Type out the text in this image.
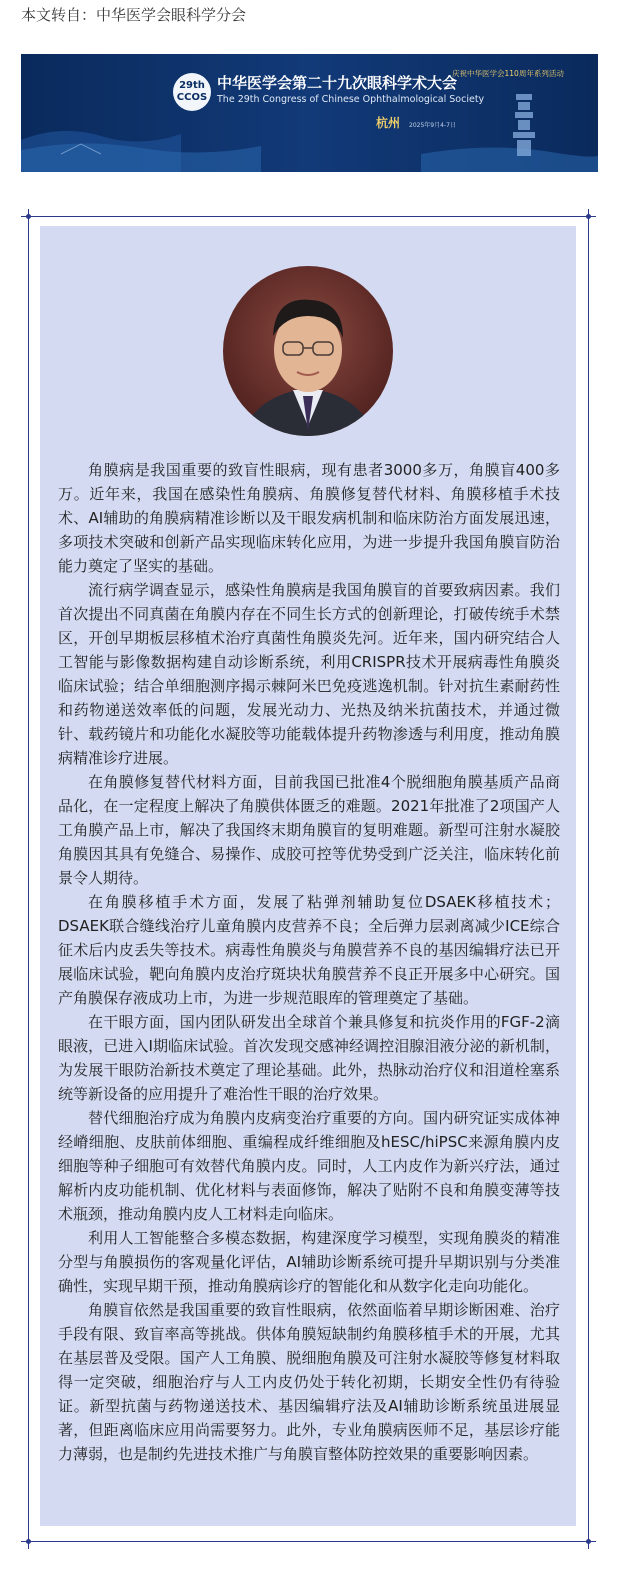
本文转自：中华医学会眼科学分会
29th
CCOS
中华医学会第二十九次眼科学术大会
The 29th Congress of Chinese Ophthalmological Society
庆祝中华医学会110周年系列活动
杭州 2025年9月4-7日

角膜病是我国重要的致盲性眼病，现有患者3000多万，角膜盲400多万。近年来，我国在感染性角膜病、角膜修复替代材料、角膜移植手术技术、AI辅助的角膜病精准诊断以及干眼发病机制和临床防治方面发展迅速，多项技术突破和创新产品实现临床转化应用，为进一步提升我国角膜盲防治能力奠定了坚实的基础。

流行病学调查显示，感染性角膜病是我国角膜盲的首要致病因素。我们首次提出不同真菌在角膜内存在不同生长方式的创新理论，打破传统手术禁区，开创早期板层移植术治疗真菌性角膜炎先河。近年来，国内研究结合人工智能与影像数据构建自动诊断系统，利用CRISPR技术开展病毒性角膜炎临床试验；结合单细胞测序揭示棘阿米巴免疫逃逸机制。针对抗生素耐药性和药物递送效率低的问题，发展光动力、光热及纳米抗菌技术，并通过微针、载药镜片和功能化水凝胶等功能载体提升药物渗透与利用度，推动角膜病精准诊疗进展。

在角膜修复替代材料方面，目前我国已批准4个脱细胞角膜基质产品商品化，在一定程度上解决了角膜供体匮乏的难题。2021年批准了2项国产人工角膜产品上市，解决了我国终末期角膜盲的复明难题。新型可注射水凝胶角膜因其具有免缝合、易操作、成胶可控等优势受到广泛关注，临床转化前景令人期待。

在角膜移植手术方面，发展了粘弹剂辅助复位DSAEK移植技术；DSAEK联合缝线治疗儿童角膜内皮营养不良；全后弹力层剥离减少ICE综合征术后内皮丢失等技术。病毒性角膜炎与角膜营养不良的基因编辑疗法已开展临床试验，靶向角膜内皮治疗斑块状角膜营养不良正开展多中心研究。国产角膜保存液成功上市，为进一步规范眼库的管理奠定了基础。

在干眼方面，国内团队研发出全球首个兼具修复和抗炎作用的FGF-2滴眼液，已进入Ⅰ期临床试验。首次发现交感神经调控泪腺泪液分泌的新机制，为发展干眼防治新技术奠定了理论基础。此外，热脉动治疗仪和泪道栓塞系统等新设备的应用提升了难治性干眼的治疗效果。

替代细胞治疗成为角膜内皮病变治疗重要的方向。国内研究证实成体神经嵴细胞、皮肤前体细胞、重编程成纤维细胞及hESC/hiPSC来源角膜内皮细胞等种子细胞可有效替代角膜内皮。同时，人工内皮作为新兴疗法，通过解析内皮功能机制、优化材料与表面修饰，解决了贴附不良和角膜变薄等技术瓶颈，推动角膜内皮人工材料走向临床。

利用人工智能整合多模态数据，构建深度学习模型，实现角膜炎的精准分型与角膜损伤的客观量化评估，AI辅助诊断系统可提升早期识别与分类准确性，实现早期干预，推动角膜病诊疗的智能化和从数字化走向功能化。

角膜盲依然是我国重要的致盲性眼病，依然面临着早期诊断困难、治疗手段有限、致盲率高等挑战。供体角膜短缺制约角膜移植手术的开展，尤其在基层普及受限。国产人工角膜、脱细胞角膜及可注射水凝胶等修复材料取得一定突破，细胞治疗与人工内皮仍处于转化初期，长期安全性仍有待验证。新型抗菌与药物递送技术、基因编辑疗法及AI辅助诊断系统虽进展显著，但距离临床应用尚需要努力。此外，专业角膜病医师不足，基层诊疗能力薄弱，也是制约先进技术推广与角膜盲整体防控效果的重要影响因素。
